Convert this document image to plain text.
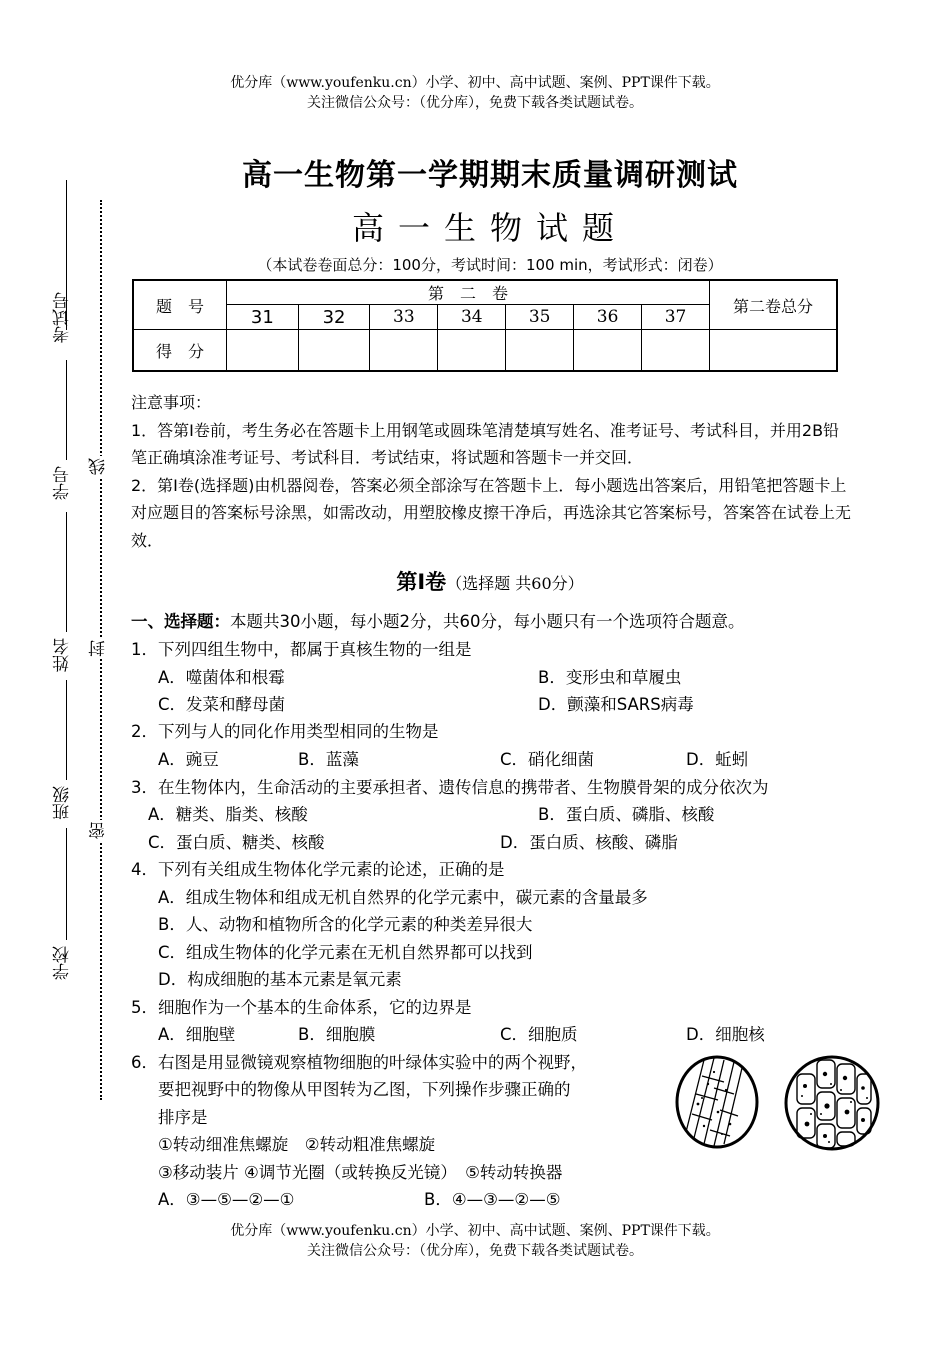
优分库（www.youfenku.cn）小学、初中、高中试题、案例、PPT课件下载。
关注微信公众号：（优分库），免费下载各类试题试卷。
高一生物第一学期期末质量调研测试
高一生物试题
（本试卷卷面总分：100分，考试时间：100 min，考试形式：闭卷）
考试号
学号
姓名
班级
学校
线
封
密
题　号	第　二　卷							第二卷总分
	31	32	33	34	35	36	37	
得　分								
注意事项：
1．答第Ⅰ卷前，考生务必在答题卡上用钢笔或圆珠笔清楚填写姓名、准考证号、考试科目，并用2B铅笔正确填涂准考证号、考试科目．考试结束，将试题和答题卡一并交回．
2．第Ⅰ卷(选择题)由机器阅卷，答案必须全部涂写在答题卡上．每小题选出答案后，用铅笔把答题卡上对应题目的答案标号涂黑，如需改动，用塑胶橡皮擦干净后，再选涂其它答案标号，答案答在试卷上无效．
第Ⅰ卷（选择题 共60分）
一、选择题：本题共30小题，每小题2分，共60分，每小题只有一个选项符合题意。
1．下列四组生物中，都属于真核生物的一组是
A．噬菌体和根霉	B．变形虫和草履虫
C．发菜和酵母菌	D．颤藻和SARS病毒
2．下列与人的同化作用类型相同的生物是
A．豌豆	B．蓝藻	C．硝化细菌	D．蚯蚓
3．在生物体内，生命活动的主要承担者、遗传信息的携带者、生物膜骨架的成分依次为
A．糖类、脂类、核酸	B．蛋白质、磷脂、核酸
C．蛋白质、糖类、核酸	D．蛋白质、核酸、磷脂
4．下列有关组成生物体化学元素的论述，正确的是
A．组成生物体和组成无机自然界的化学元素中，碳元素的含量最多
B．人、动物和植物所含的化学元素的种类差异很大
C．组成生物体的化学元素在无机自然界都可以找到
D．构成细胞的基本元素是氧元素
5．细胞作为一个基本的生命体系，它的边界是
A．细胞壁	B．细胞膜	C．细胞质	D．细胞核
6．右图是用显微镜观察植物细胞的叶绿体实验中的两个视野，
要把视野中的物像从甲图转为乙图，下列操作步骤正确的
排序是
①转动细准焦螺旋　②转动粗准焦螺旋
③移动装片 ④调节光圈（或转换反光镜）　⑤转动转换器
A．③—⑤—②—①	B．④—③—②—⑤
优分库（www.youfenku.cn）小学、初中、高中试题、案例、PPT课件下载。
关注微信公众号：（优分库），免费下载各类试题试卷。
